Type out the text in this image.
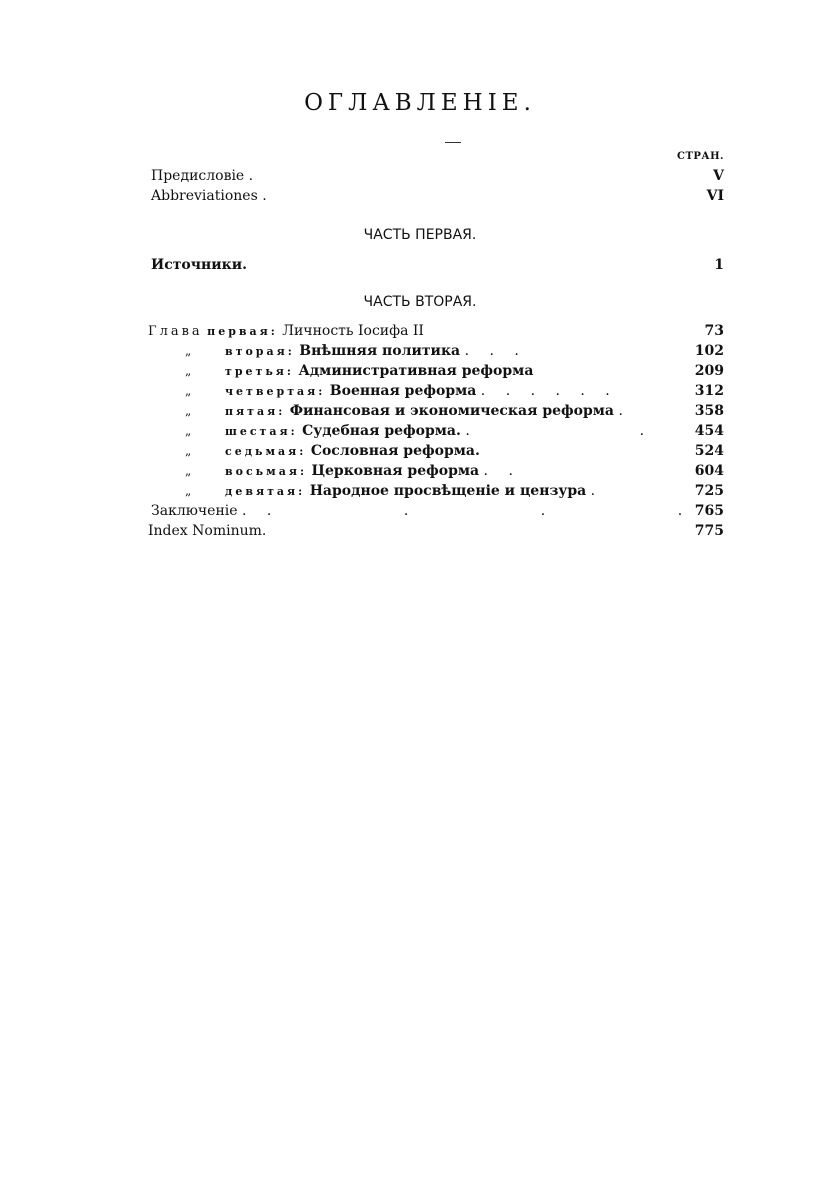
ОГЛАВЛЕНІЕ.
СТРАН.
Предисловіе .	V
Abbreviationes .	VI
ЧАСТЬ ПЕРВАЯ.
Источники.	1
ЧАСТЬ ВТОРАЯ.
Глава первая: Личность Іосифа II	73
„	вторая: Внѣшняя политика . . .	102
„	третья: Административная реформа	209
„	четвертая: Военная реформа . . . . . .	312
„	пятая: Финансовая и экономическая реформа .	358
„	шестая: Судебная реформа. .             .	454
„	седьмая: Сословная реформа.	524
„	восьмая: Церковная реформа . .	604
„	девятая: Народное просвѣщеніе и цензура .	725
Заключеніе . .          .          .          . 765
Index Nominum.	775
